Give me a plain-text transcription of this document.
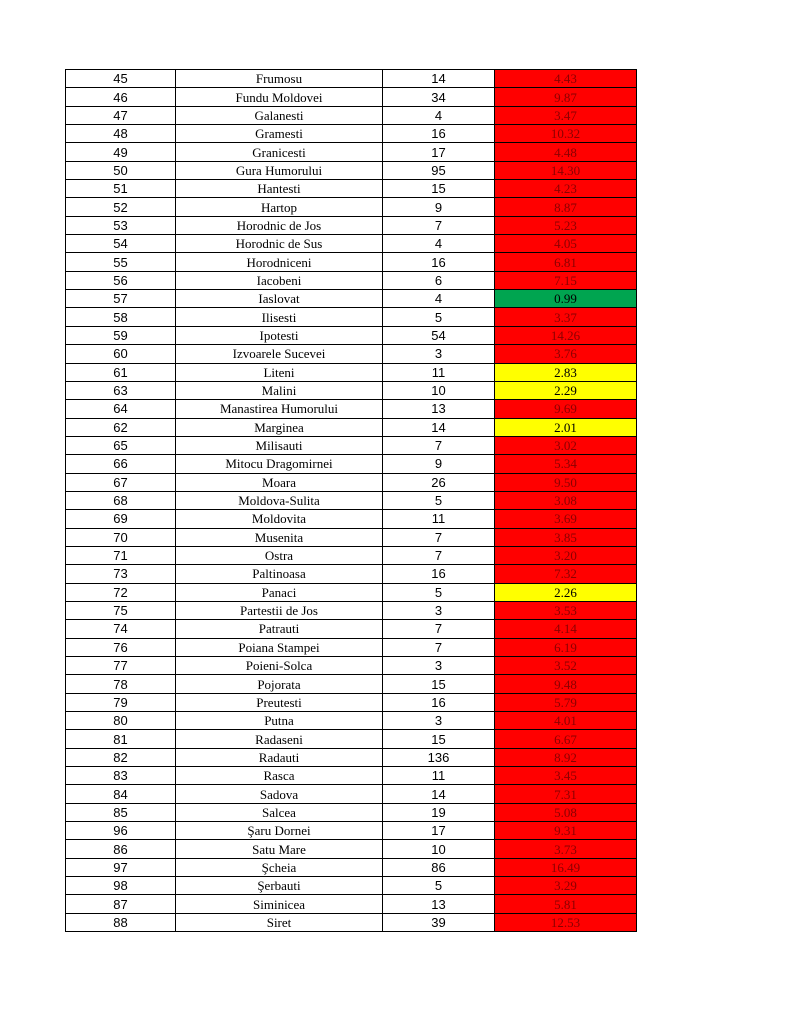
45	Frumosu	14	4.43
46	Fundu Moldovei	34	9.87
47	Galanesti	4	3.47
48	Gramesti	16	10.32
49	Granicesti	17	4.48
50	Gura Humorului	95	14.30
51	Hantesti	15	4.23
52	Hartop	9	8.87
53	Horodnic de Jos	7	5.23
54	Horodnic de Sus	4	4.05
55	Horodniceni	16	6.81
56	Iacobeni	6	7.15
57	Iaslovat	4	0.99
58	Ilisesti	5	3.37
59	Ipotesti	54	14.26
60	Izvoarele Sucevei	3	3.76
61	Liteni	11	2.83
63	Malini	10	2.29
64	Manastirea Humorului	13	9.69
62	Marginea	14	2.01
65	Milisauti	7	3.02
66	Mitocu Dragomirnei	9	5.34
67	Moara	26	9.50
68	Moldova-Sulita	5	3.08
69	Moldovita	11	3.69
70	Musenita	7	3.85
71	Ostra	7	3.20
73	Paltinoasa	16	7.32
72	Panaci	5	2.26
75	Partestii de Jos	3	3.53
74	Patrauti	7	4.14
76	Poiana Stampei	7	6.19
77	Poieni-Solca	3	3.52
78	Pojorata	15	9.48
79	Preutesti	16	5.79
80	Putna	3	4.01
81	Radaseni	15	6.67
82	Radauti	136	8.92
83	Rasca	11	3.45
84	Sadova	14	7.31
85	Salcea	19	5.08
96	Şaru Dornei	17	9.31
86	Satu Mare	10	3.73
97	Şcheia	86	16.49
98	Şerbauti	5	3.29
87	Siminicea	13	5.81
88	Siret	39	12.53
